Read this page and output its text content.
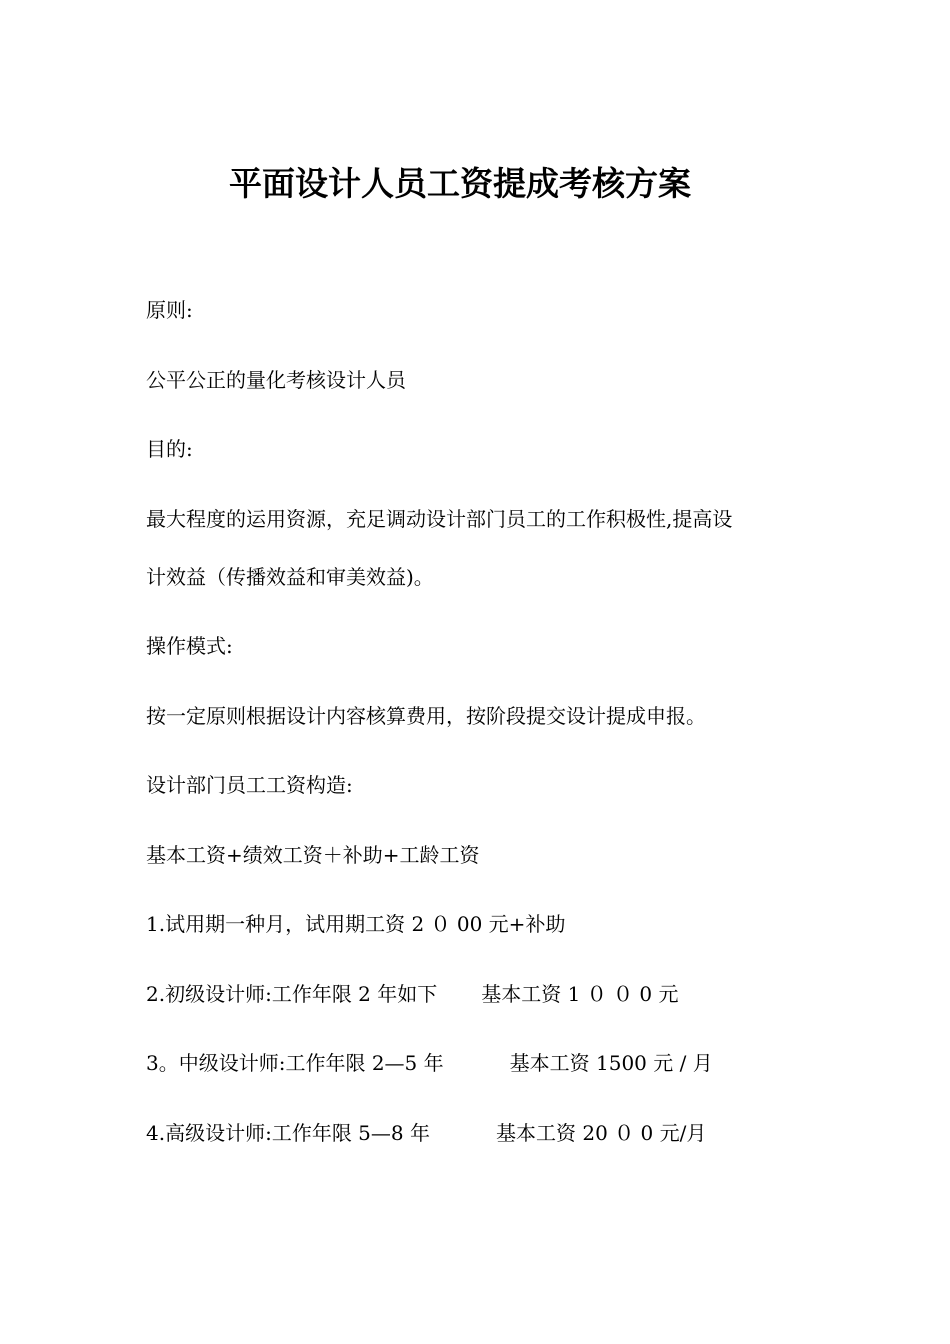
平面设计人员工资提成考核方案

原则:

公平公正的量化考核设计人员

目的:

最大程度的运用资源，充足调动设计部门员工的工作积极性,提高设

计效益（传播效益和审美效益)。

操作模式:

按一定原则根据设计内容核算费用，按阶段提交设计提成申报。

设计部门员工工资构造:

基本工资+绩效工资＋补助+工龄工资

1.试用期一种月，试用期工资 2 ０ 00 元+补助

2.初级设计师:工作年限 2 年如下 基本工资 1 ０ ０ 0 元

3。中级设计师:工作年限 2—5 年	基本工资 1500 元 / 月

4.高级设计师:工作年限 5—8 年	基本工资 20 ０ 0 元/月
